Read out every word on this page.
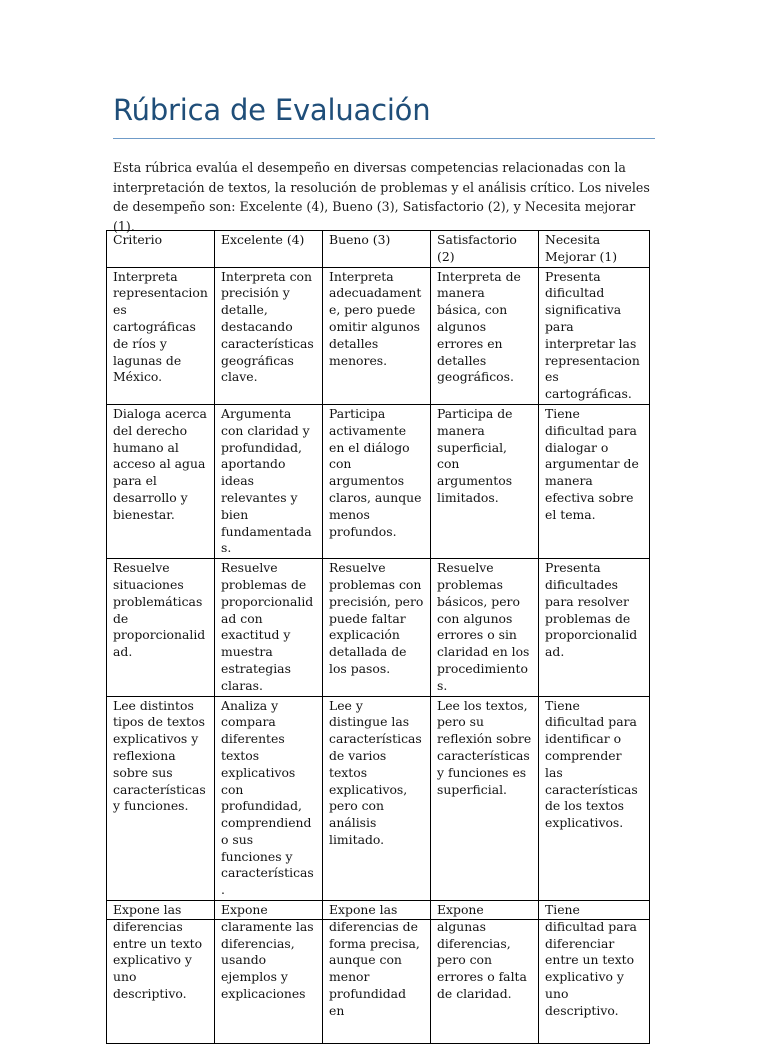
Rúbrica de Evaluación

Esta rúbrica evalúa el desempeño en diversas competencias relacionadas con la interpretación de textos, la resolución de problemas y el análisis crítico. Los niveles de desempeño son: Excelente (4), Bueno (3), Satisfactorio (2), y Necesita mejorar (1).

Criterio	Excelente (4)	Bueno (3)	Satisfactorio (2)	Necesita Mejorar (1)
Interpreta representaciones cartográficas de ríos y lagunas de México.	Interpreta con precisión y detalle, destacando características geográficas clave.	Interpreta adecuadamente, pero puede omitir algunos detalles menores.	Interpreta de manera básica, con algunos errores en detalles geográficos.	Presenta dificultad significativa para interpretar las representaciones cartográficas.
Dialoga acerca del derecho humano al acceso al agua para el desarrollo y bienestar.	Argumenta con claridad y profundidad, aportando ideas relevantes y bien fundamentadas.	Participa activamente en el diálogo con argumentos claros, aunque menos profundos.	Participa de manera superficial, con argumentos limitados.	Tiene dificultad para dialogar o argumentar de manera efectiva sobre el tema.
Resuelve situaciones problemáticas de proporcionalidad.	Resuelve problemas de proporcionalidad con exactitud y muestra estrategias claras.	Resuelve problemas con precisión, pero puede faltar explicación detallada de los pasos.	Resuelve problemas básicos, pero con algunos errores o sin claridad en los procedimientos.	Presenta dificultades para resolver problemas de proporcionalidad.
Lee distintos tipos de textos explicativos y reflexiona sobre sus características y funciones.	Analiza y compara diferentes textos explicativos con profundidad, comprendiendo sus funciones y características.	Lee y distingue las características de varios textos explicativos, pero con análisis limitado.	Lee los textos, pero su reflexión sobre características y funciones es superficial.	Tiene dificultad para identificar o comprender las características de los textos explicativos.
Expone las diferencias entre un texto explicativo y uno descriptivo.	Expone claramente las diferencias, usando ejemplos y explicaciones	Expone las diferencias de forma precisa, aunque con menor profundidad en	Expone algunas diferencias, pero con errores o falta de claridad.	Tiene dificultad para diferenciar entre un texto explicativo y uno descriptivo.
